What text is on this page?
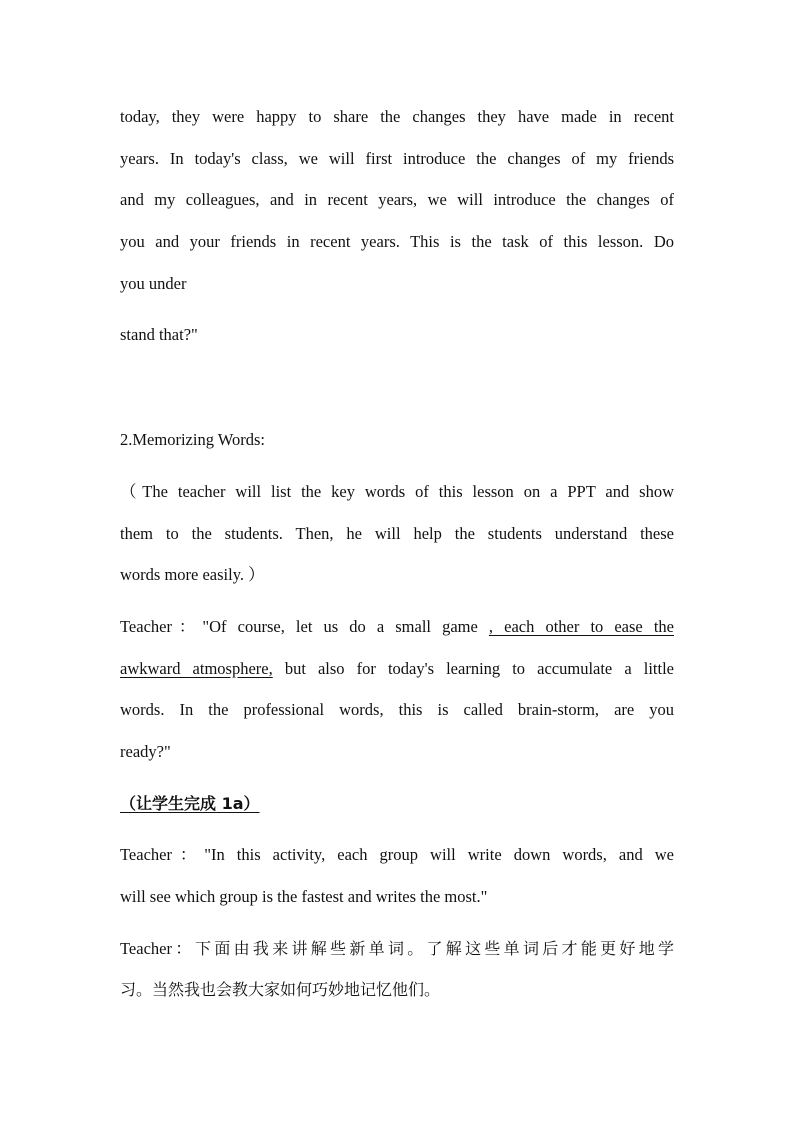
today, they were happy to share the changes they have made in recent
years. In today's class, we will first introduce the changes of my friends
and my colleagues, and in recent years, we will introduce the changes of
you and your friends in recent years. This is the task of this lesson. Do
you under
stand that?"
2.Memorizing Words:
（The teacher will list the key words of this lesson on a PPT and show
them to the students. Then, he will help the students understand these
words more easily. ）
Teacher："Of course, let us do a small game , each other to ease the
awkward atmosphere, but also for today's learning to accumulate a little
words. In the professional words, this is called brain-storm, are you
ready?"
（让学生完成 1a）
Teacher："In this activity, each group will write down words, and we
will see which group is the fastest and writes the most."
Teacher：下面由我来讲解些新单词。了解这些单词后才能更好地学
习。当然我也会教大家如何巧妙地记忆他们。
